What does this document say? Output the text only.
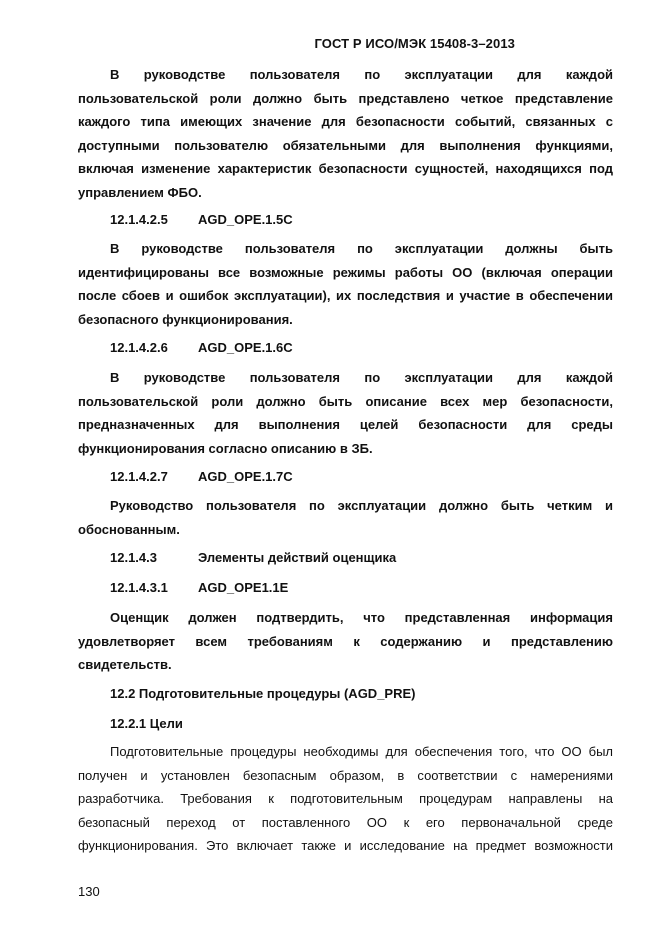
ГОСТ Р ИСО/МЭК 15408-3–2013
В руководстве пользователя по эксплуатации для каждой
пользовательской роли должно быть представлено четкое представление
каждого типа имеющих значение для безопасности событий, связанных с
доступными пользователю обязательными для выполнения функциями,
включая изменение характеристик безопасности сущностей, находящихся под
управлением ФБО.
12.1.4.2.5 AGD_OPE.1.5C
В руководстве пользователя по эксплуатации должны быть
идентифицированы все возможные режимы работы ОО (включая операции
после сбоев и ошибок эксплуатации), их последствия и участие в обеспечении
безопасного функционирования.
12.1.4.2.6 AGD_OPE.1.6C
В руководстве пользователя по эксплуатации для каждой
пользовательской роли должно быть описание всех мер безопасности,
предназначенных для выполнения целей безопасности для среды
функционирования согласно описанию в ЗБ.
12.1.4.2.7 AGD_OPE.1.7C
Руководство пользователя по эксплуатации должно быть четким и
обоснованным.
12.1.4.3	Элементы действий оценщика
12.1.4.3.1 AGD_OPE1.1E
Оценщик должен подтвердить, что представленная информация
удовлетворяет всем требованиям к содержанию и представлению
свидетельств.
12.2 Подготовительные процедуры (AGD_PRE)
12.2.1 Цели
Подготовительные процедуры необходимы для обеспечения того, что ОО был
получен и установлен безопасным образом, в соответствии с намерениями
разработчика. Требования к подготовительным процедурам направлены на
безопасный переход от поставленного ОО к его первоначальной среде
функционирования. Это включает также и исследование на предмет возможности
130
